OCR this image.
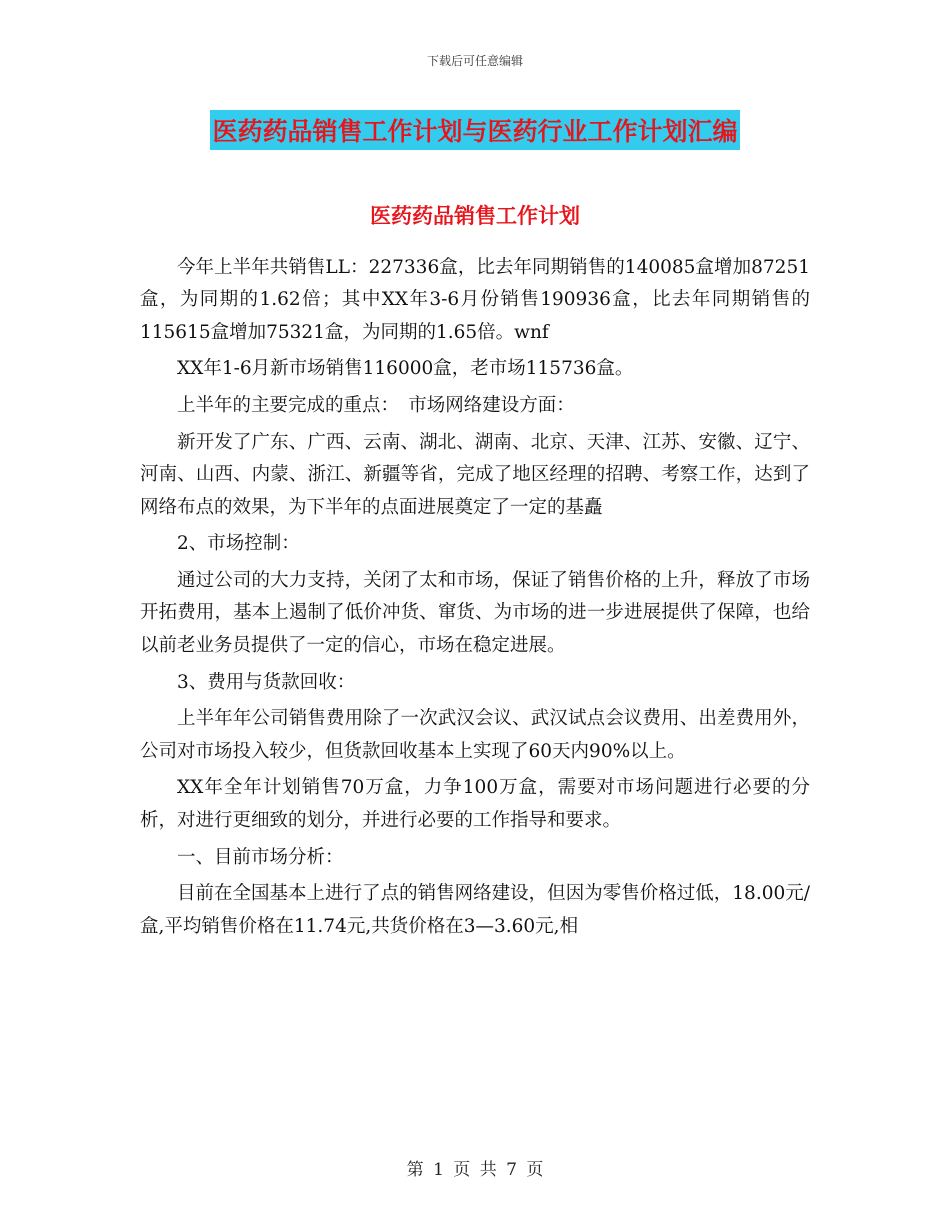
下载后可任意编辑
医药药品销售工作计划与医药行业工作计划汇编
医药药品销售工作计划

今年上半年共销售LL：227336盒，比去年同期销售的140085盒增加87251盒，为同期的1.62倍；其中XX年3-6月份销售190936盒，比去年同期销售的115615盒增加75321盒，为同期的1.65倍。wnf

XX年1-6月新市场销售116000盒，老市场115736盒。

上半年的主要完成的重点：　市场网络建设方面：

新开发了广东、广西、云南、湖北、湖南、北京、天津、江苏、安徽、辽宁、河南、山西、内蒙、浙江、新疆等省，完成了地区经理的招聘、考察工作，达到了网络布点的效果，为下半年的点面进展奠定了一定的基矗

2、市场控制：

通过公司的大力支持，关闭了太和市场，保证了销售价格的上升，释放了市场开拓费用，基本上遏制了低价冲货、窜货、为市场的进一步进展提供了保障，也给以前老业务员提供了一定的信心，市场在稳定进展。

3、费用与货款回收：

上半年年公司销售费用除了一次武汉会议、武汉试点会议费用、出差费用外，公司对市场投入较少，但货款回收基本上实现了60天内90%以上。

XX年全年计划销售70万盒，力争100万盒，需要对市场问题进行必要的分析，对进行更细致的划分，并进行必要的工作指导和要求。

一、目前市场分析：

目前在全国基本上进行了点的销售网络建设，但因为零售价格过低，18.00元/盒,平均销售价格在11.74元,共货价格在3—3.60元,相

第 1 页 共 7 页
